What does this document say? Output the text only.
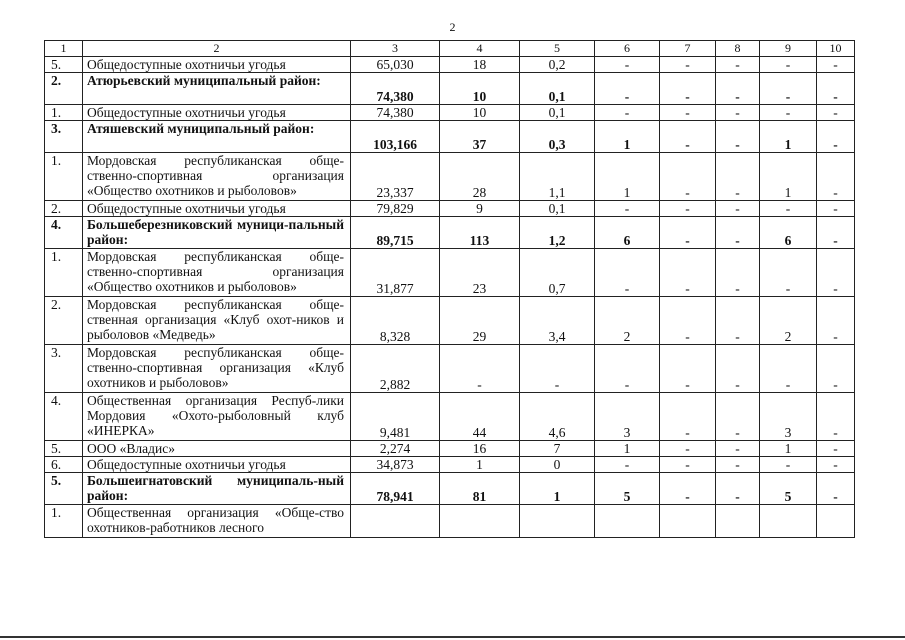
2
1	2	3	4	5	6	7	8	9	10
5.	Общедоступные охотничьи угодья	65,030	18	0,2	-	-	-	-	-
2.	Атюрьевский муниципальный район:	74,380	10	0,1	-	-	-	-	-
1.	Общедоступные охотничьи угодья	74,380	10	0,1	-	-	-	-	-
3.	Атяшевский муниципальный район:	103,166	37	0,3	1	-	-	1	-
1.	Мордовская республиканская обще-ственно-спортивная организация «Общество охотников и рыболовов»	23,337	28	1,1	1	-	-	1	-
2.	Общедоступные охотничьи угодья	79,829	9	0,1	-	-	-	-	-
4.	Большеберезниковский муници-пальный район:	89,715	113	1,2	6	-	-	6	-
1.	Мордовская республиканская обще-ственно-спортивная организация «Общество охотников и рыболовов»	31,877	23	0,7	-	-	-	-	-
2.	Мордовская республиканская обще-ственная организация «Клуб охот-ников и рыболовов «Медведь»	8,328	29	3,4	2	-	-	2	-
3.	Мордовская республиканская обще-ственно-спортивная организация «Клуб охотников и рыболовов»	2,882	-	-	-	-	-	-	-
4.	Общественная организация Респуб-лики Мордовия «Охото-рыболовный клуб «ИНЕРКА»	9,481	44	4,6	3	-	-	3	-
5.	ООО «Владис»	2,274	16	7	1	-	-	1	-
6.	Общедоступные охотничьи угодья	34,873	1	0	-	-	-	-	-
5.	Большеигнатовский муниципаль-ный район:	78,941	81	1	5	-	-	5	-
1.	Общественная организация «Обще-ство охотников-работников лесного								
